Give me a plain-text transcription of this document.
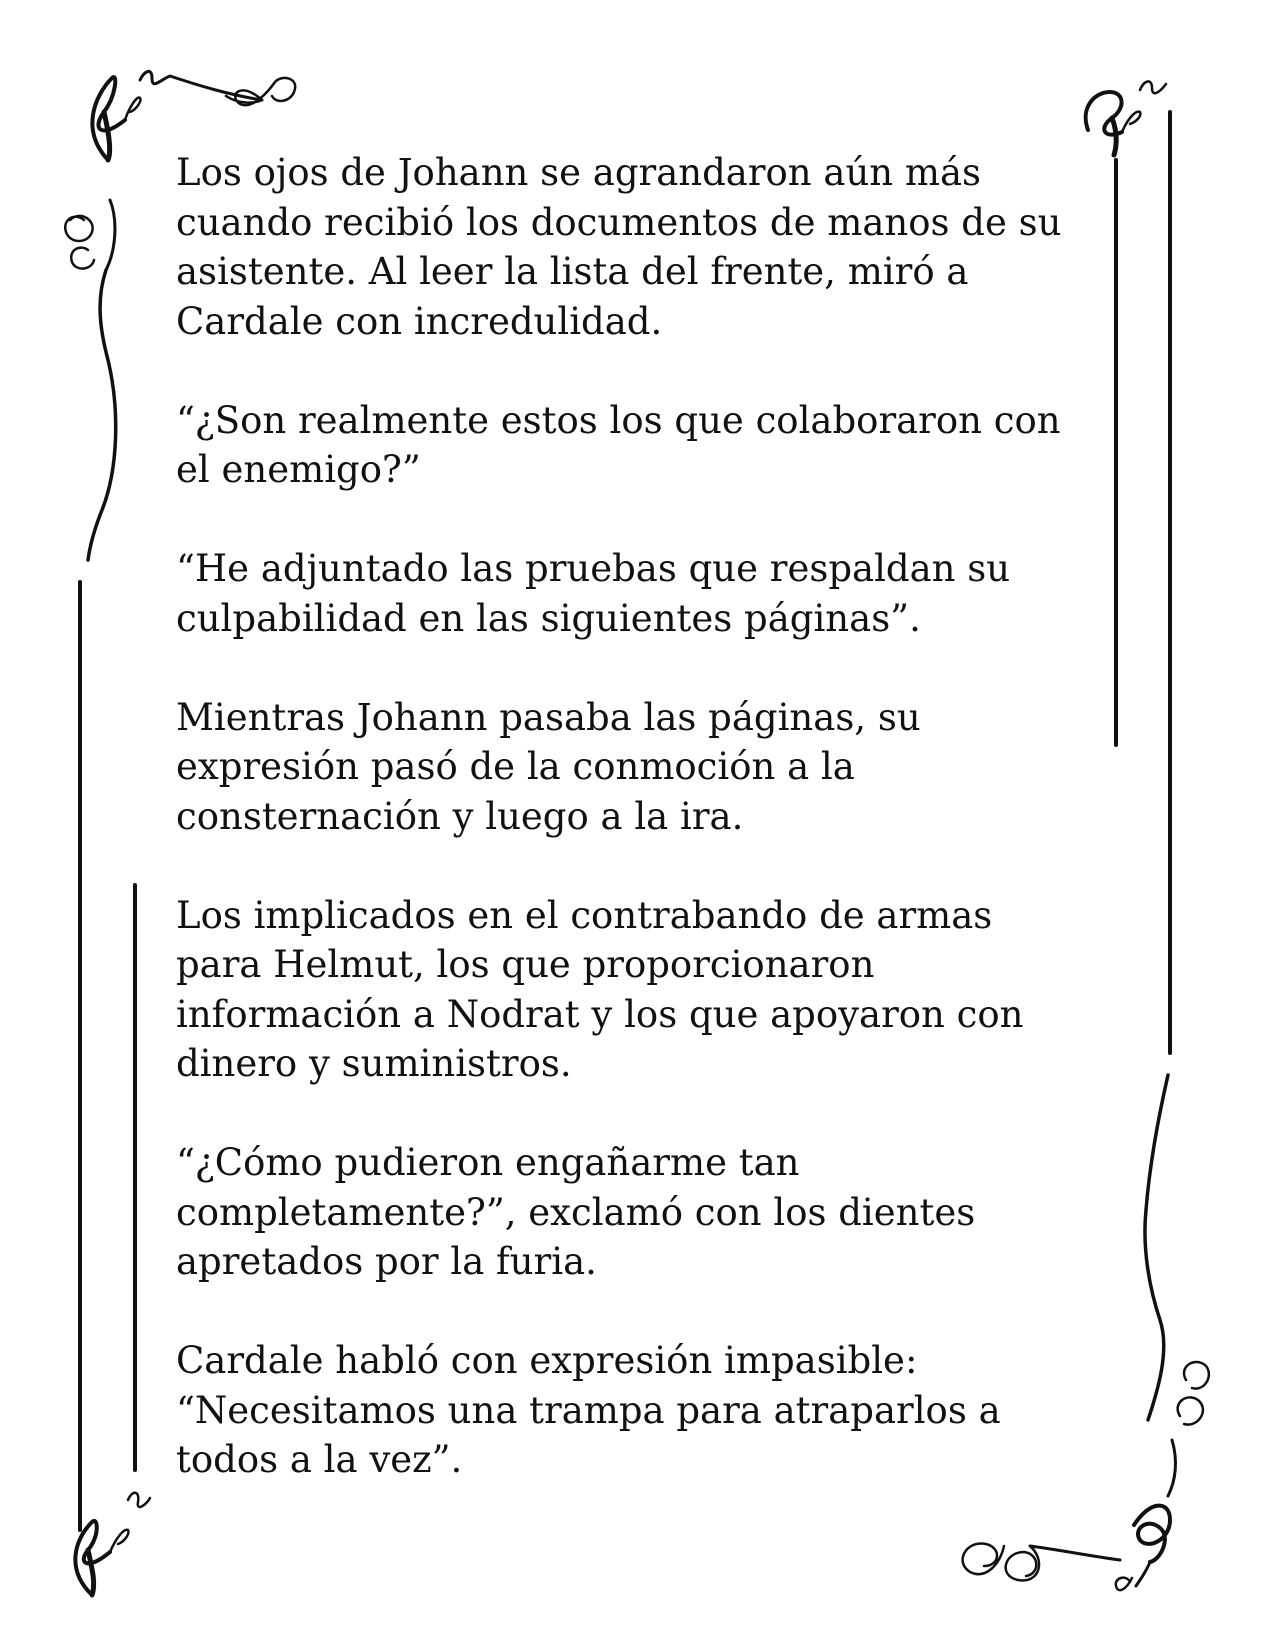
Los ojos de Johann se agrandaron aún más
cuando recibió los documentos de manos de su
asistente. Al leer la lista del frente, miró a
Cardale con incredulidad.

“¿Son realmente estos los que colaboraron con
el enemigo?”

“He adjuntado las pruebas que respaldan su
culpabilidad en las siguientes páginas”.

Mientras Johann pasaba las páginas, su
expresión pasó de la conmoción a la
consternación y luego a la ira.

Los implicados en el contrabando de armas
para Helmut, los que proporcionaron
información a Nodrat y los que apoyaron con
dinero y suministros.

“¿Cómo pudieron engañarme tan
completamente?”, exclamó con los dientes
apretados por la furia.

Cardale habló con expresión impasible:
“Necesitamos una trampa para atraparlos a
todos a la vez”.
